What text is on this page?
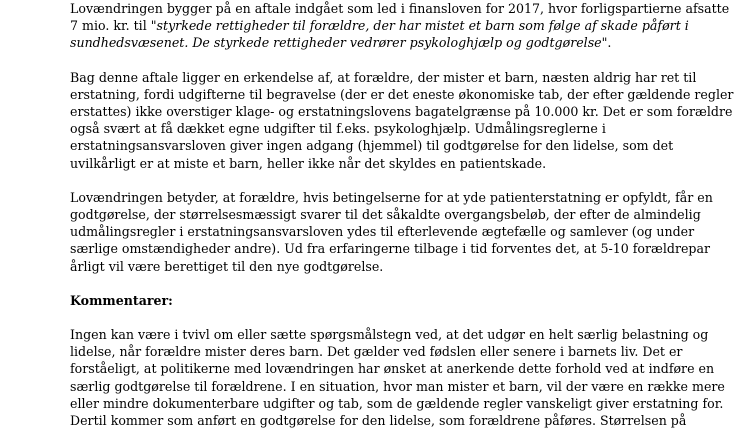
Lovændringen bygger på en aftale indgået som led i finansloven for 2017, hvor forligspartierne afsatte
7 mio. kr. til "styrkede rettigheder til forældre, der har mistet et barn som følge af skade påført i
sundhedsvæsenet. De styrkede rettigheder vedrører psykologhjælp og godtgørelse".

Bag denne aftale ligger en erkendelse af, at forældre, der mister et barn, næsten aldrig har ret til
erstatning, fordi udgifterne til begravelse (der er det eneste økonomiske tab, der efter gældende regler
erstattes) ikke overstiger klage- og erstatningslovens bagatelgrænse på 10.000 kr. Det er som forældre
også svært at få dækket egne udgifter til f.eks. psykologhjælp. Udmålingsreglerne i
erstatningsansvarsloven giver ingen adgang (hjemmel) til godtgørelse for den lidelse, som det
uvilkårligt er at miste et barn, heller ikke når det skyldes en patientskade.

Lovændringen betyder, at forældre, hvis betingelserne for at yde patienterstatning er opfyldt, får en
godtgørelse, der størrelsesmæssigt svarer til det såkaldte overgangsbeløb, der efter de almindelig
udmålingsregler i erstatningsansvarsloven ydes til efterlevende ægtefælle og samlever (og under
særlige omstændigheder andre). Ud fra erfaringerne tilbage i tid forventes det, at 5-10 forældrepar
årligt vil være berettiget til den nye godtgørelse.

Kommentarer:

Ingen kan være i tvivl om eller sætte spørgsmålstegn ved, at det udgør en helt særlig belastning og
lidelse, når forældre mister deres barn. Det gælder ved fødslen eller senere i barnets liv. Det er
forståeligt, at politikerne med lovændringen har ønsket at anerkende dette forhold ved at indføre en
særlig godtgørelse til forældrene. I en situation, hvor man mister et barn, vil der være en række mere
eller mindre dokumenterbare udgifter og tab, som de gældende regler vanskeligt giver erstatning for.
Dertil kommer som anført en godtgørelse for den lidelse, som forældrene påføres. Størrelsen på
